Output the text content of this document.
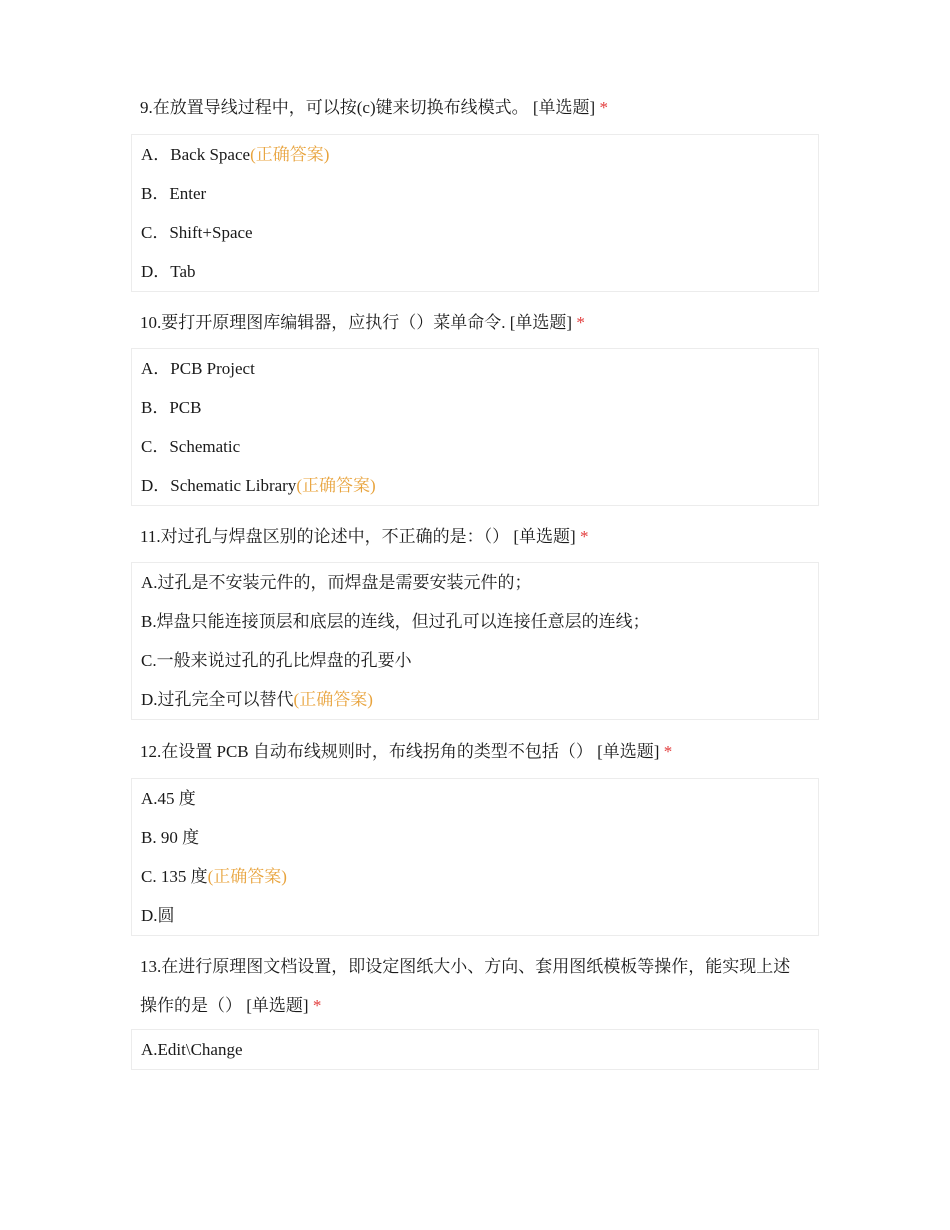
9.在放置导线过程中，可以按(c)键来切换布线模式。 [单选题] *
A．Back Space(正确答案)
B．Enter
C．Shift+Space
D．Tab
10.要打开原理图库编辑器，应执行（）菜单命令. [单选题] *
A．PCB Project
B．PCB
C．Schematic
D．Schematic Library(正确答案)
11.对过孔与焊盘区别的论述中，不正确的是：（） [单选题] *
A.过孔是不安装元件的，而焊盘是需要安装元件的；
B.焊盘只能连接顶层和底层的连线，但过孔可以连接任意层的连线；
C.一般来说过孔的孔比焊盘的孔要小
D.过孔完全可以替代(正确答案)
12.在设置 PCB 自动布线规则时，布线拐角的类型不包括（） [单选题] *
A.45 度
B. 90 度
C. 135 度(正确答案)
D.圆
13.在进行原理图文档设置，即设定图纸大小、方向、套用图纸模板等操作，能实现上述操作的是（） [单选题] *
A.Edit\Change
